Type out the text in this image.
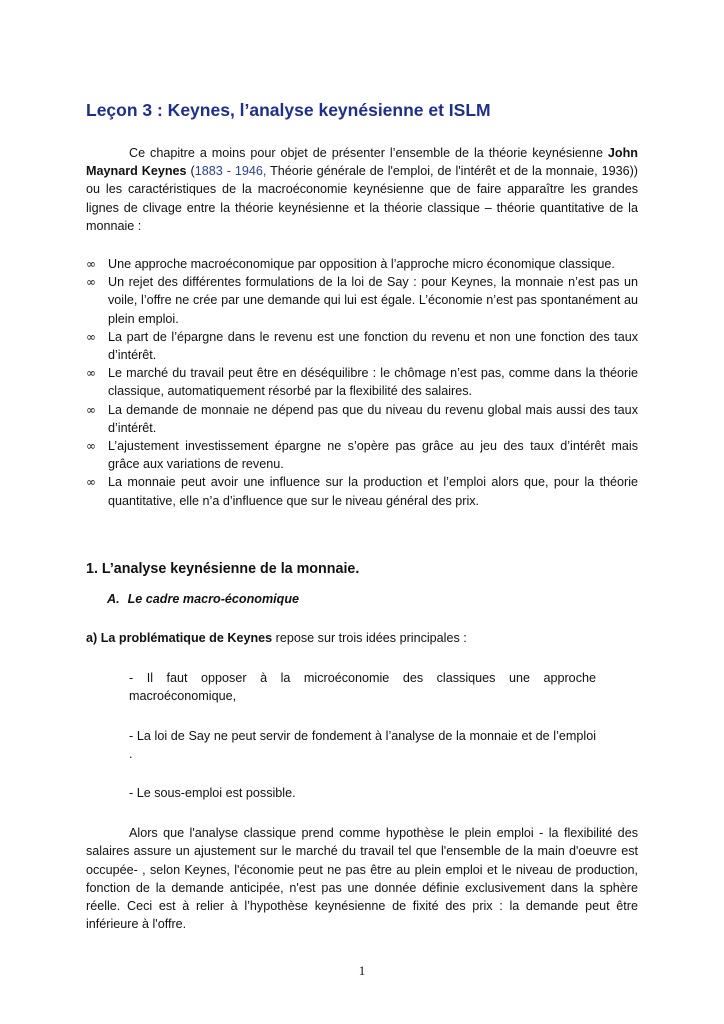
Leçon 3 : Keynes, l’analyse keynésienne et ISLM

Ce chapitre a moins pour objet de présenter l’ensemble de la théorie keynésienne John Maynard Keynes (1883 - 1946, Théorie générale de l'emploi, de l'intérêt et de la monnaie, 1936)) ou les caractéristiques de la macroéconomie keynésienne que de faire apparaître les grandes lignes de clivage entre la théorie keynésienne et la théorie classique – théorie quantitative de la monnaie :

∞ Une approche macroéconomique par opposition à l’approche micro économique classique.
∞ Un rejet des différentes formulations de la loi de Say : pour Keynes, la monnaie n’est pas un voile, l’offre ne crée par une demande qui lui est égale. L’économie n’est pas spontanément au plein emploi.
∞ La part de l’épargne dans le revenu est une fonction du revenu et non une fonction des taux d’intérêt.
∞ Le marché du travail peut être en déséquilibre : le chômage n’est pas, comme dans la théorie classique, automatiquement résorbé par la flexibilité des salaires.
∞ La demande de monnaie ne dépend pas que du niveau du revenu global mais aussi des taux d’intérêt.
∞ L’ajustement investissement épargne ne s’opère pas grâce au jeu des taux d’intérêt mais grâce aux variations de revenu.
∞ La monnaie peut avoir une influence sur la production et l’emploi alors que, pour la théorie quantitative, elle n’a d’influence que sur le niveau général des prix.
1. L’analyse keynésienne de la monnaie.
A. Le cadre macro-économique

a) La problématique de Keynes repose sur trois idées principales :

- Il faut opposer à la microéconomie des classiques une approche macroéconomique,

- La loi de Say ne peut servir de fondement à l’analyse de la monnaie et de l’emploi .

- Le sous-emploi est possible.

Alors que l'analyse classique prend comme hypothèse le plein emploi - la flexibilité des salaires assure un ajustement sur le marché du travail tel que l'ensemble de la main d'oeuvre est occupée- , selon Keynes, l'économie peut ne pas être au plein emploi et le niveau de production, fonction de la demande anticipée, n'est pas une donnée définie exclusivement dans la sphère réelle. Ceci est à relier à l’hypothèse keynésienne de fixité des prix : la demande peut être inférieure à l'offre.

1
